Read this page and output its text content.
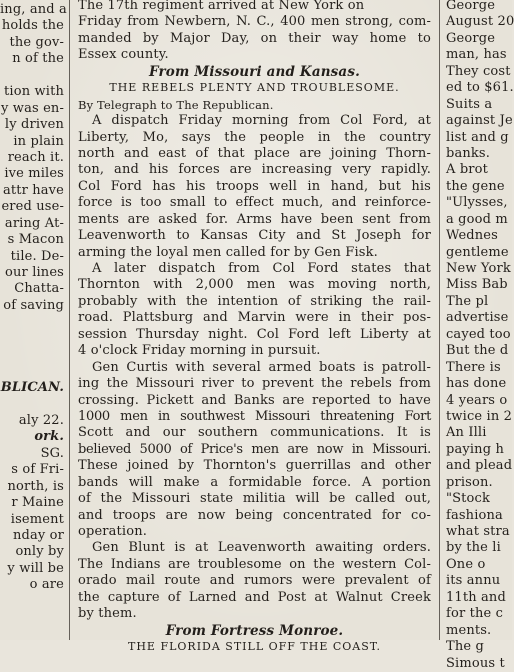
ing, and a
holds the
the gov-
n of the

tion with
y was en-
ly driven
in plain
reach it.
ive miles
attr have
ered use-
aring At-
s Macon
tile. De-
our lines
Chatta-
of saving

BLICAN.

aly 22.
ork.
SG.
s of Fri-
north, is
r Maine
isement
nday or
only by
y will be
o are
The 17th regiment arrived at New York on
Friday from Newbern, N. C., 400 men strong, com-
manded by Major Day, on their way home to
Essex county.
From Missouri and Kansas.
THE REBELS PLENTY AND TROUBLESOME.
By Telegraph to The Republican.
A dispatch Friday morning from Col Ford, at
Liberty, Mo, says the people in the country
north and east of that place are joining Thorn-
ton, and his forces are increasing very rapidly.
Col Ford has his troops well in hand, but his
force is too small to effect much, and reinforce-
ments are asked for. Arms have been sent from
Leavenworth to Kansas City and St Joseph for
arming the loyal men called for by Gen Fisk.
A later dispatch from Col Ford states that
Thornton with 2,000 men was moving north,
probably with the intention of striking the rail-
road. Plattsburg and Marvin were in their pos-
session Thursday night. Col Ford left Liberty at
4 o'clock Friday morning in pursuit.
Gen Curtis with several armed boats is patroll-
ing the Missouri river to prevent the rebels from
crossing. Pickett and Banks are reported to have
1000 men in southwest Missouri threatening Fort
Scott and our southern communications. It is
believed 5000 of Price's men are now in Missouri.
These joined by Thornton's guerrillas and other
bands will make a formidable force. A portion
of the Missouri state militia will be called out,
and troops are now being concentrated for co-
operation.
Gen Blunt is at Leavenworth awaiting orders.
The Indians are troublesome on the western Col-
orado mail route and rumors were prevalent of
the capture of Larned and Post at Walnut Creek
by them.
From Fortress Monroe.
THE FLORIDA STILL OFF THE COAST.
George
August 20
George
man, has
They cost
ed to $61.
Suits a
against Je
list and g
banks.
A brot
the gene
"Ulysses,
a good m
Wednes
gentleme
New York
Miss Bab
The pl
advertise
cayed too
But the d
There is
has done
4 years o
twice in 2
An Illi
paying h
and plead
prison.
"Stock
fashiona
what stra
by the li
One o
its annu
11th and
for the c
ments.
The g
Simous t
